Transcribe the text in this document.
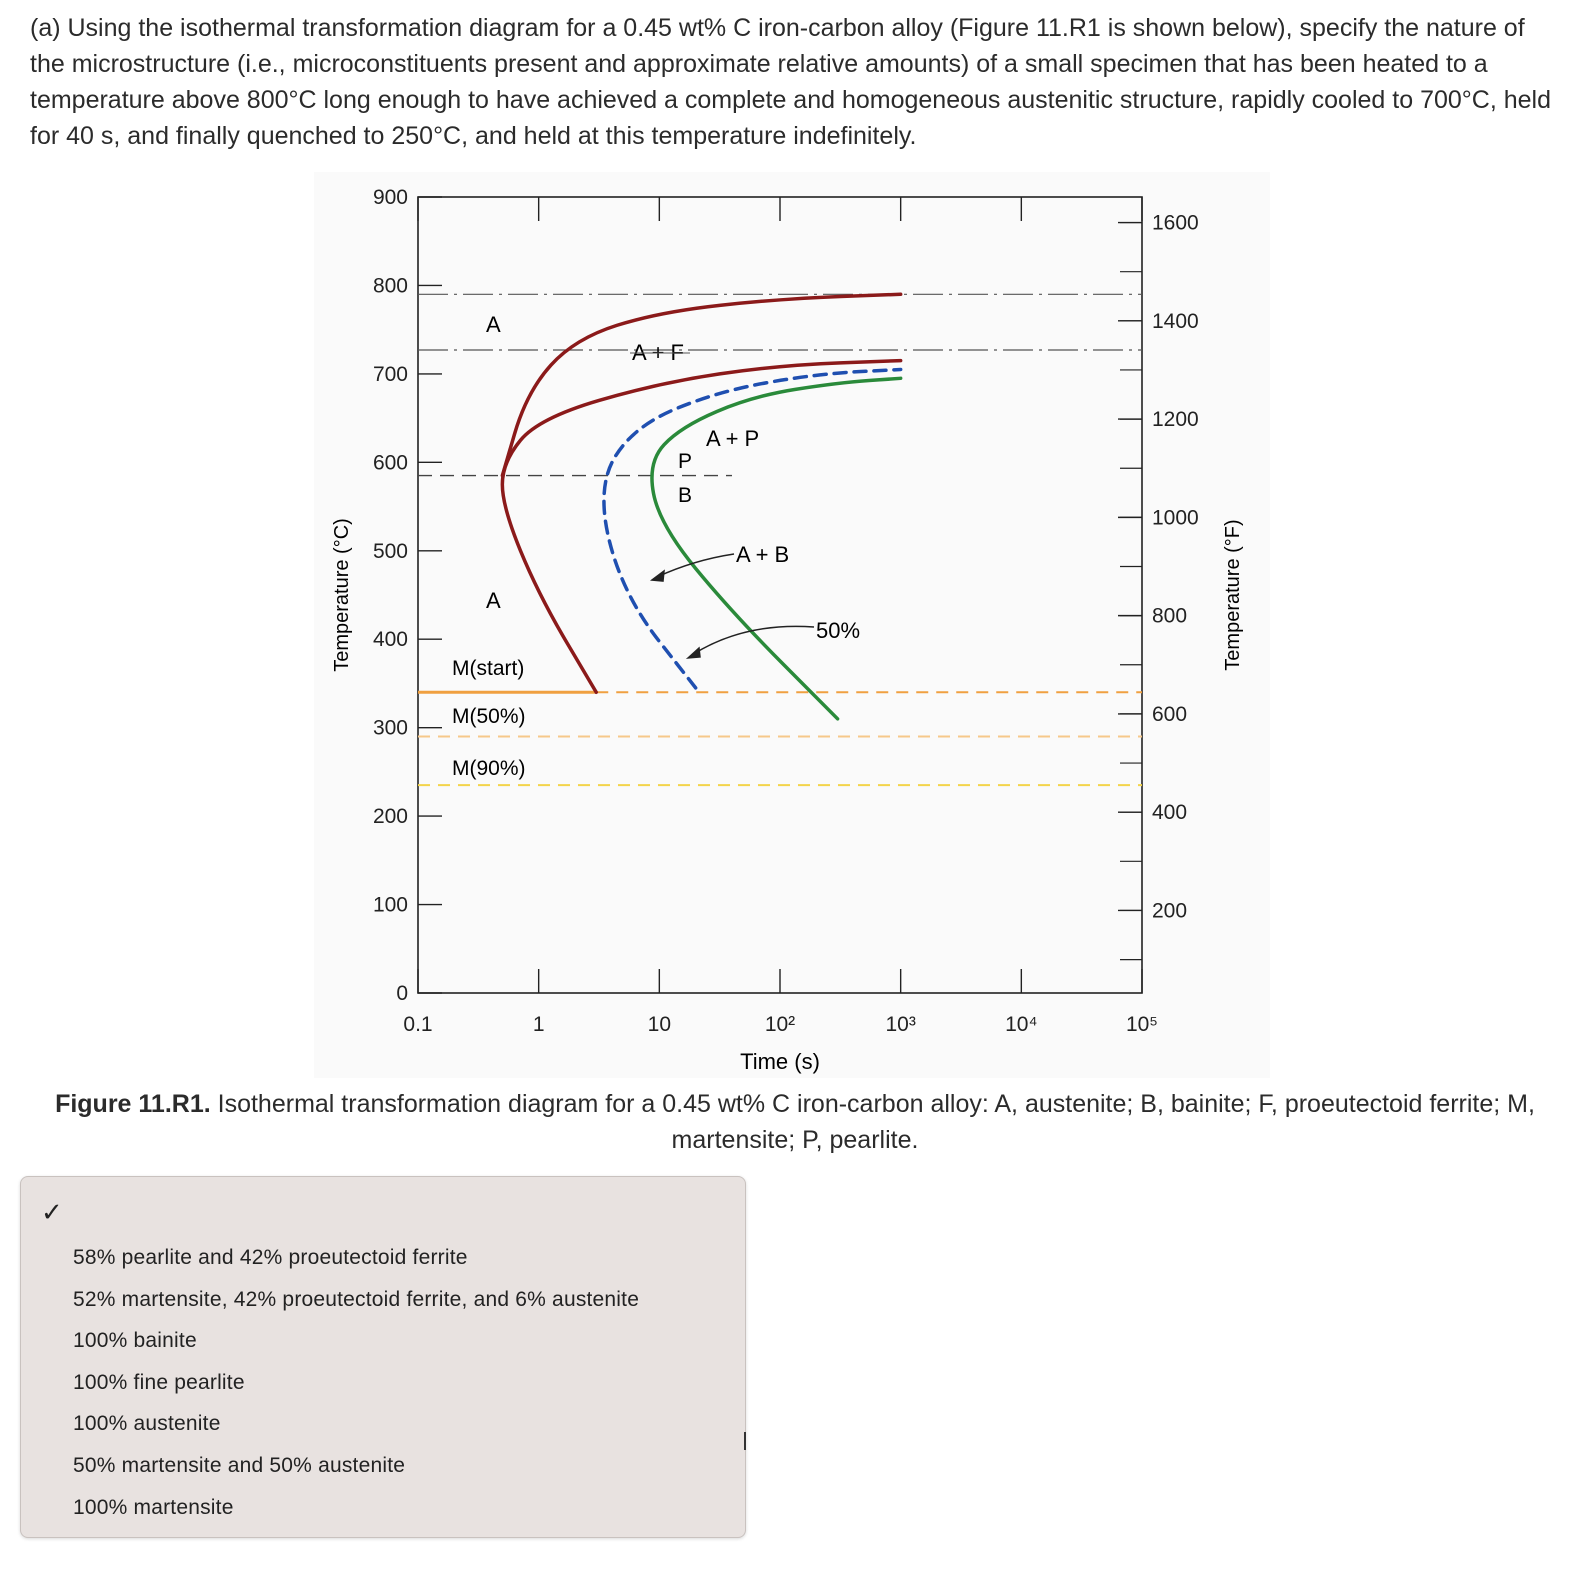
(a) Using the isothermal transformation diagram for a 0.45 wt% C iron-carbon alloy (Figure 11.R1 is shown below), specify the nature of the microstructure (i.e., microconstituents present and approximate relative amounts) of a small specimen that has been heated to a temperature above 800°C long enough to have achieved a complete and homogeneous austenitic structure, rapidly cooled to 700°C, held for 40 s, and finally quenched to 250°C, and held at this temperature indefinitely.
0
100
200
300
400
500
600
700
800
900
200
400
600
800
1000
1200
1400
1600
0.1	1	10	10²	10³	10⁴	10⁵
A
A + F
A + P
P
B
A + B
A
50%
M(start)
M(50%)
M(90%)
Time (s)
Temperature (°C)	Temperature (°F)
Figure 11.R1. Isothermal transformation diagram for a 0.45 wt% C iron-carbon alloy: A, austenite; B, bainite; F, proeutectoid ferrite; M, martensite; P, pearlite.
✓
58% pearlite and 42% proeutectoid ferrite
52% martensite, 42% proeutectoid ferrite, and 6% austenite
100% bainite
100% fine pearlite
100% austenite
50% martensite and 50% austenite
100% martensite
